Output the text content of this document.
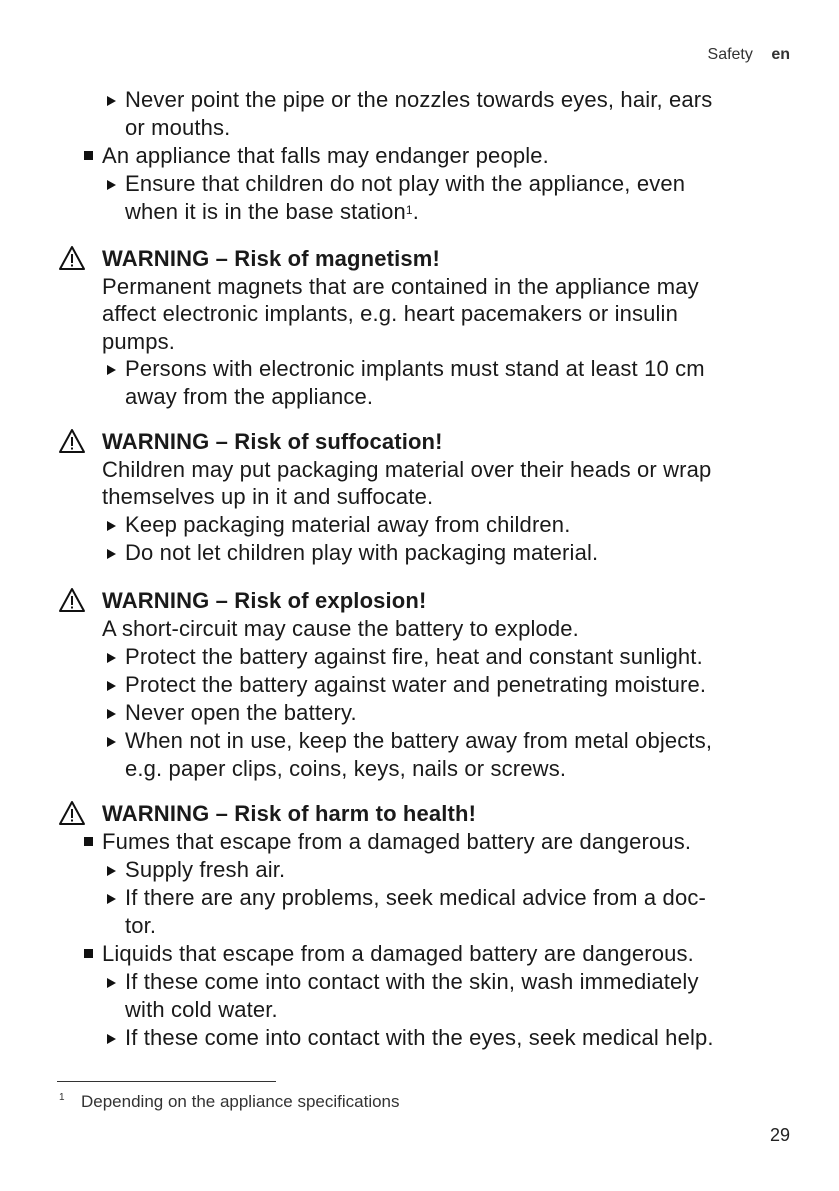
Safety en
Never point the pipe or the nozzles towards eyes, hair, ears
or mouths.
An appliance that falls may endanger people.
Ensure that children do not play with the appliance, even
when it is in the base station$^1$.
WARNING – Risk of magnetism!
Permanent magnets that are contained in the appliance may
affect electronic implants, e.g. heart pacemakers or insulin
pumps.
Persons with electronic implants must stand at least 10 cm
away from the appliance.
WARNING – Risk of suffocation!
Children may put packaging material over their heads or wrap
themselves up in it and suffocate.
Keep packaging material away from children.
Do not let children play with packaging material.
WARNING – Risk of explosion!
A short-circuit may cause the battery to explode.
Protect the battery against fire, heat and constant sunlight.
Protect the battery against water and penetrating moisture.
Never open the battery.
When not in use, keep the battery away from metal objects,
e.g. paper clips, coins, keys, nails or screws.
WARNING – Risk of harm to health!
Fumes that escape from a damaged battery are dangerous.
Supply fresh air.
If there are any problems, seek medical advice from a doc-
tor.
Liquids that escape from a damaged battery are dangerous.
If these come into contact with the skin, wash immediately
with cold water.
If these come into contact with the eyes, seek medical help.
1 Depending on the appliance specifications
29
